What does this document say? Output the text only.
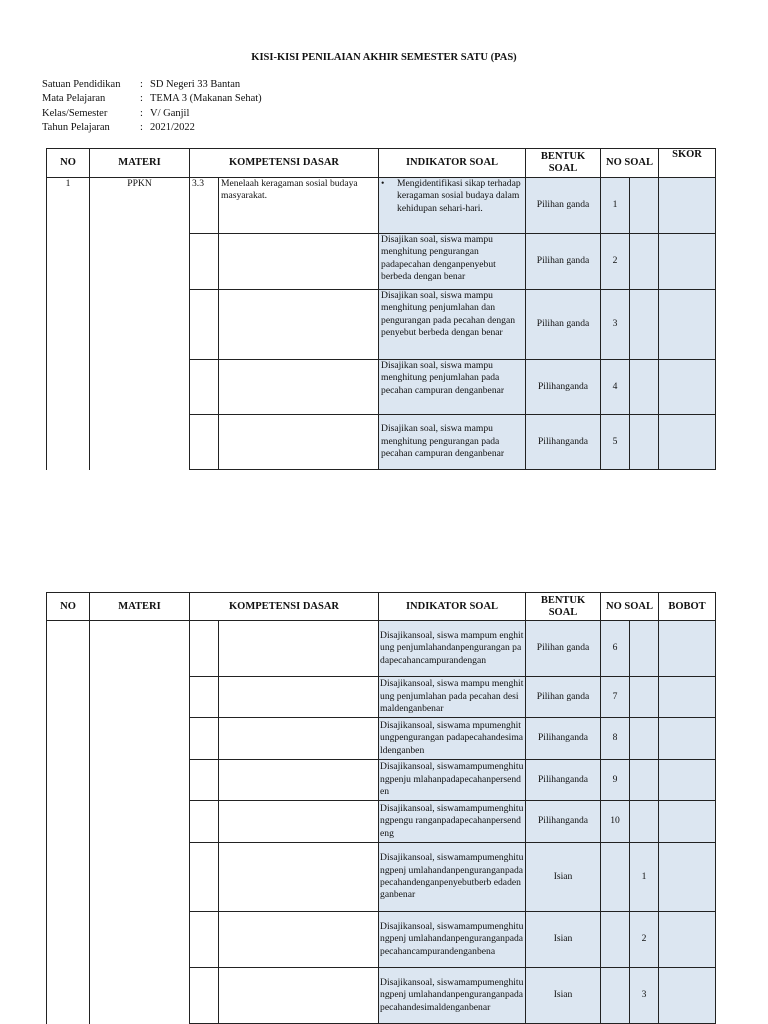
KISI-KISI PENILAIAN AKHIR SEMESTER SATU (PAS)
Satuan Pendidikan	: SD Negeri 33 Bantan
Mata Pelajaran	: TEMA 3 (Makanan Sehat)
Kelas/Semester	: V/ Ganjil
Tahun Pelajaran	: 2021/2022
NO	MATERI	KOMPETENSI DASAR		INDIKATOR SOAL	BENTUK SOAL	NO SOAL		SKOR
1	PPKN	3.3	Menelaah keragaman sosial budaya masyarakat.	• Mengidentifikasi sikap terhadap keragaman sosial budaya dalam kehidupan sehari-hari.	Pilihan ganda	1		
				Disajikan soal, siswa mampu menghitung pengurangan padapecahan denganpenyebut berbeda dengan benar	Pilihan ganda	2		
				Disajikan soal, siswa mampu menghitung penjumlahan dan pengurangan pada pecahan dengan penyebut berbeda dengan benar	Pilihan ganda	3		
				Disajikan soal, siswa mampu menghitung penjumlahan pada pecahan campuran denganbenar	Pilihanganda	4		
				Disajikan soal, siswa mampu menghitung pengurangan pada pecahan campuran denganbenar	Pilihanganda	5		
NO	MATERI	KOMPETENSI DASAR		INDIKATOR SOAL	BENTUK SOAL	NO SOAL		BOBOT
				Disajikansoal, siswa mampum enghitung penjumlahandanpengurangan padapecahancampurandengan	Pilihan ganda	6		
				Disajikansoal, siswa mampu menghitung penjumlahan pada pecahan desimaldenganbenar	Pilihan ganda	7		
				Disajikansoal, siswama mpumenghitungpengurangan padapecahandesimaldenganben	Pilihanganda	8		
				Disajikansoal, siswamampumenghitungpenju mlahanpadapecahanpersenden	Pilihanganda	9		
				Disajikansoal, siswamampumenghitungpengu ranganpadapecahanpersendeng	Pilihanganda	10		
				Disajikansoal, siswamampumenghitungpenj umlahandanpenguranganpada pecahandenganpenyebutberb edadenganbenar	Isian		1	
				Disajikansoal, siswamampumenghitungpenj umlahandanpenguranganpada pecahancampurandenganbena	Isian		2	
				Disajikansoal, siswamampumenghitungpenj umlahandanpenguranganpada pecahandesimaldenganbenar	Isian		3	
